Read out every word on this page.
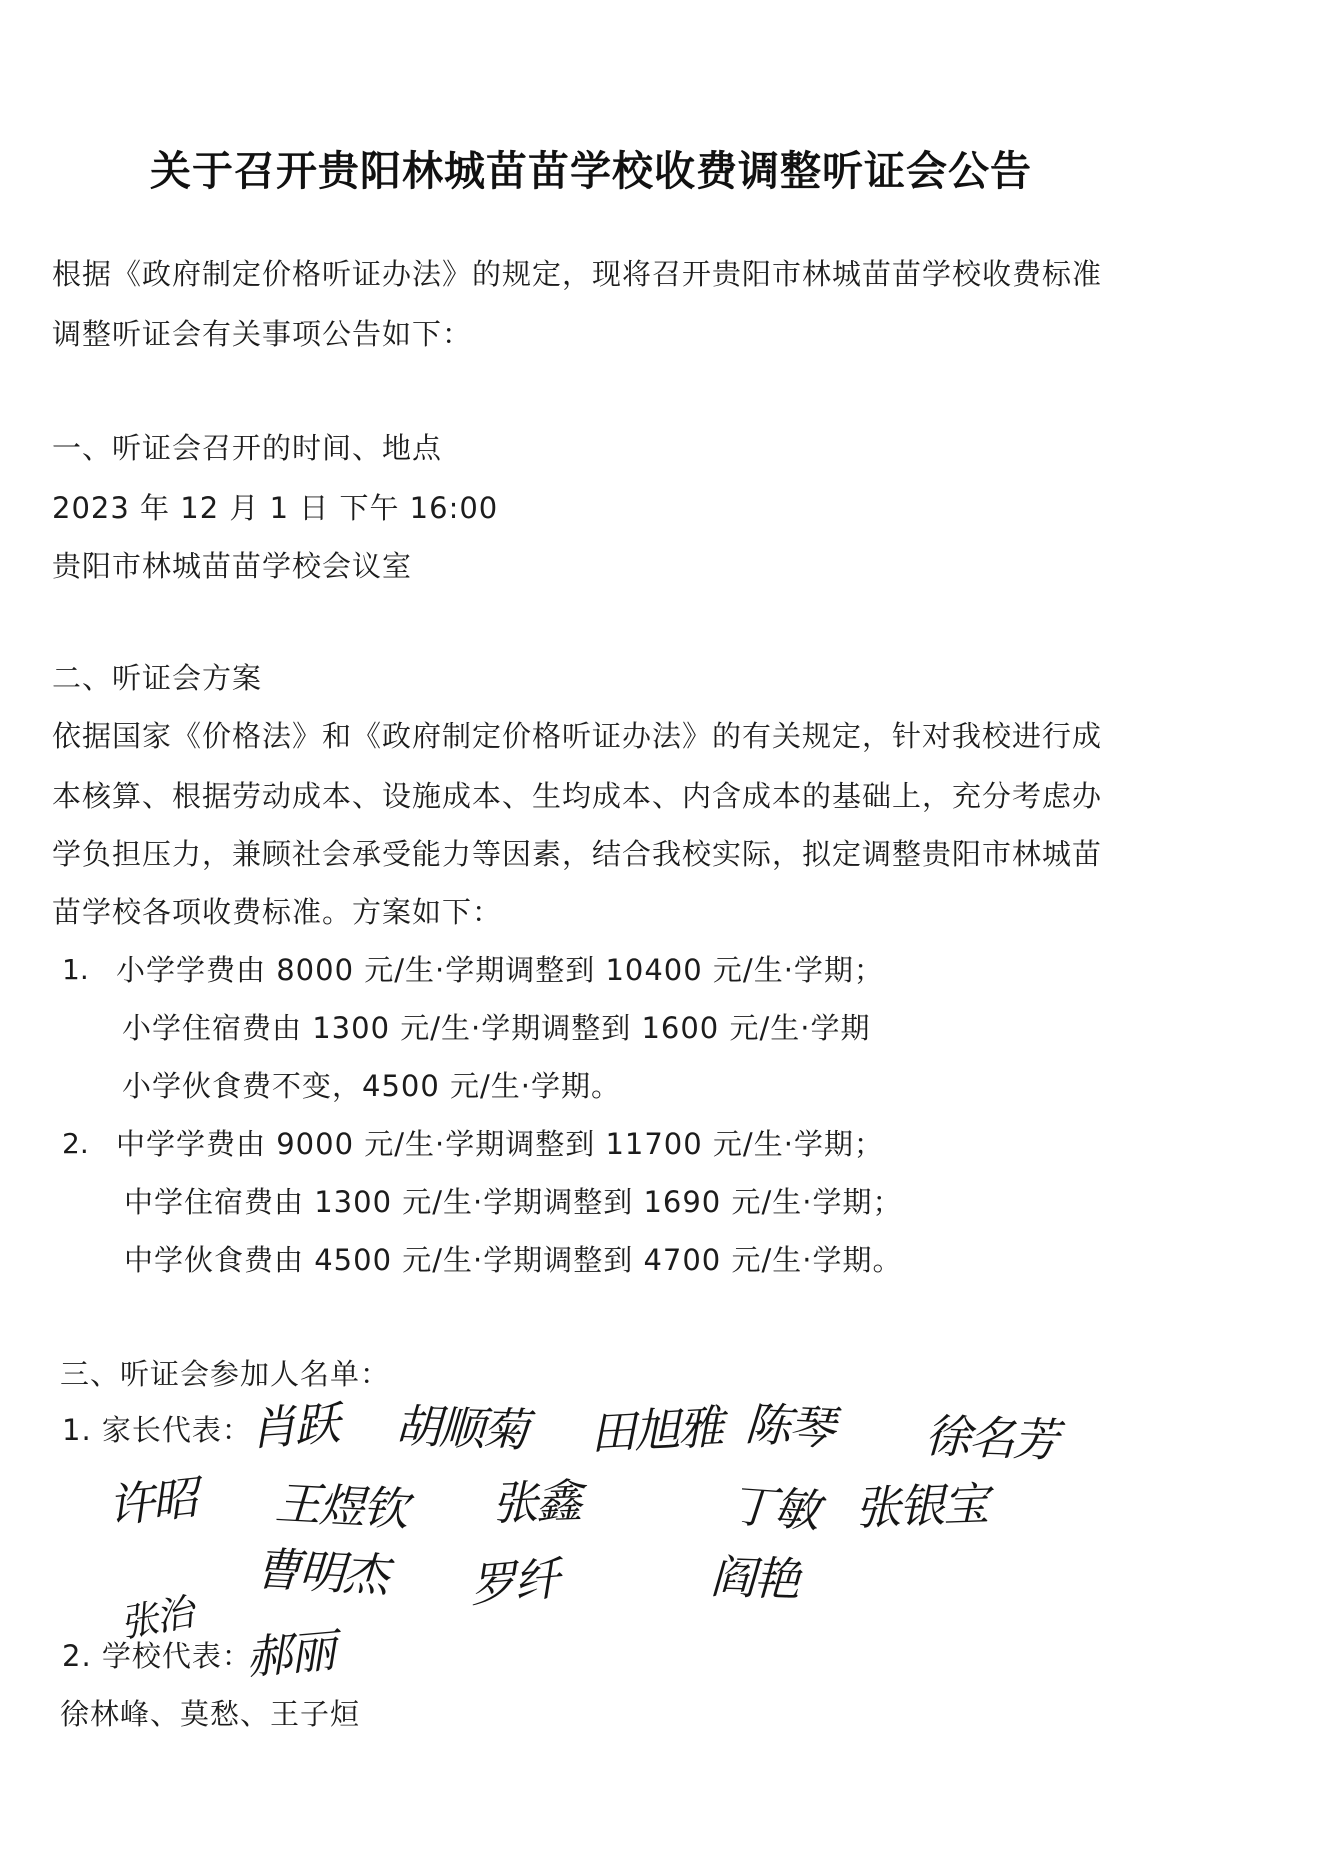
关于召开贵阳林城苗苗学校收费调整听证会公告
根据《政府制定价格听证办法》的规定，现将召开贵阳市林城苗苗学校收费标准
调整听证会有关事项公告如下：
一、听证会召开的时间、地点
2023 年 12 月 1 日 下午 16:00
贵阳市林城苗苗学校会议室
二、听证会方案
依据国家《价格法》和《政府制定价格听证办法》的有关规定，针对我校进行成
本核算、根据劳动成本、设施成本、生均成本、内含成本的基础上，充分考虑办
学负担压力，兼顾社会承受能力等因素，结合我校实际，拟定调整贵阳市林城苗
苗学校各项收费标准。方案如下：
1. 小学学费由 8000 元/生·学期调整到 10400 元/生·学期；
小学住宿费由 1300 元/生·学期调整到 1600 元/生·学期
小学伙食费不变，4500 元/生·学期。
2. 中学学费由 9000 元/生·学期调整到 11700 元/生·学期；
中学住宿费由 1300 元/生·学期调整到 1690 元/生·学期；
中学伙食费由 4500 元/生·学期调整到 4700 元/生·学期。
三、听证会参加人名单：
1. 家长代表：
肖跃 胡顺菊 田旭雅 陈琴 徐名芳
许昭 王煜钦 张鑫	丁敏 张银宝
曹明杰 罗纤	阎艳
张治
2. 学校代表：
郝丽
徐林峰、莫愁、王子烜
